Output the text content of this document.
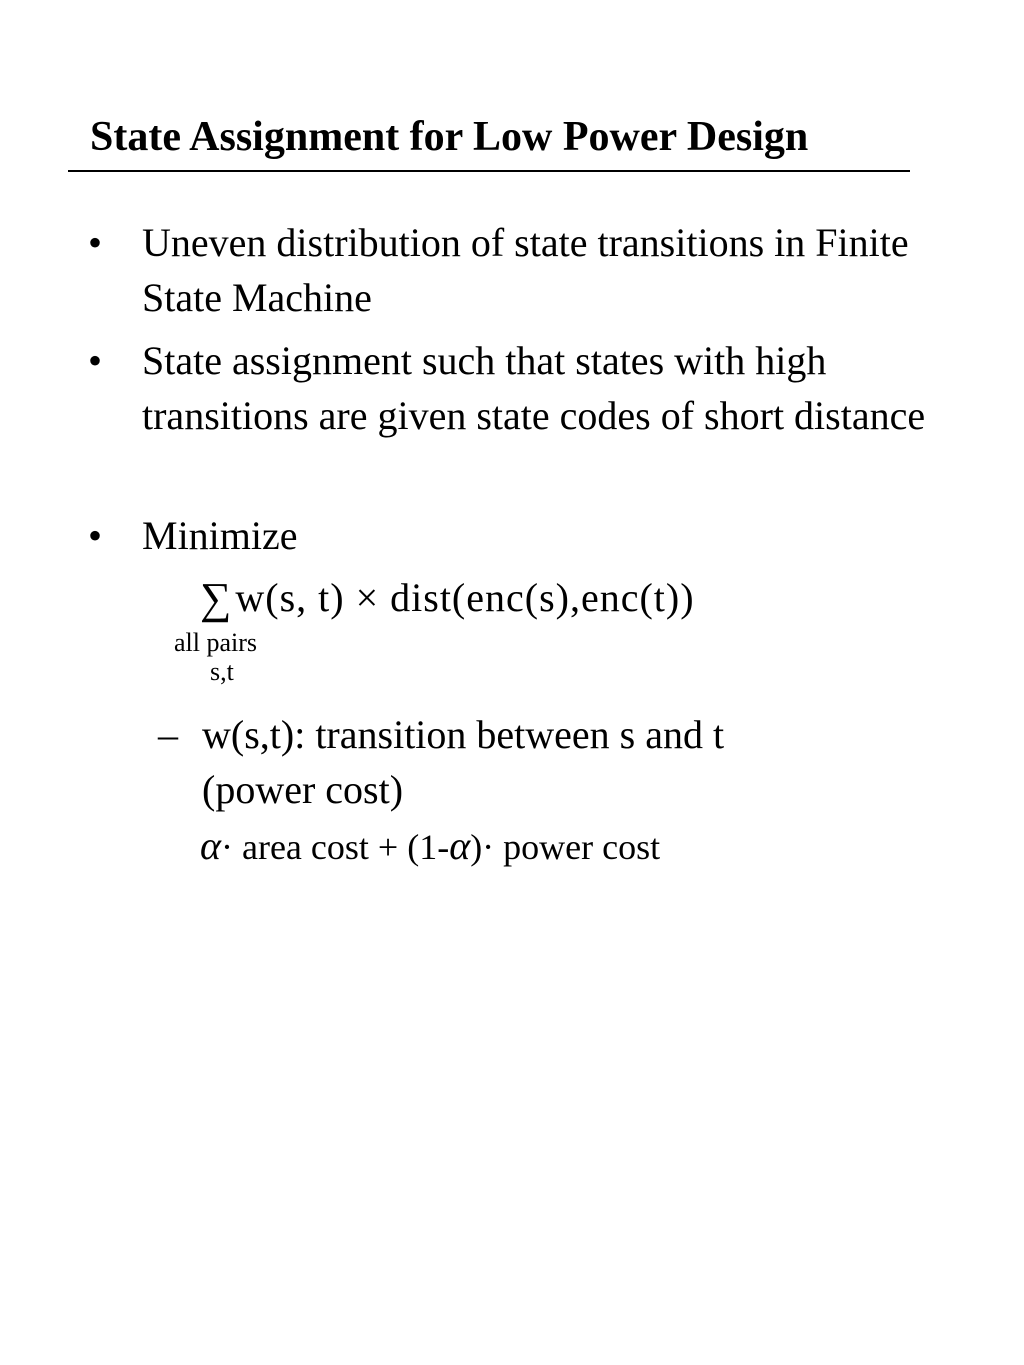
State Assignment for Low Power Design
• Uneven distribution of state transitions in Finite State Machine
• State assignment such that states with high transitions are given state codes of short distance
• Minimize
∑ w(s, t) × dist(enc(s),enc(t))
all pairs
s,t
– w(s,t): transition between s and t (power cost)
α· area cost + (1-α)· power cost
